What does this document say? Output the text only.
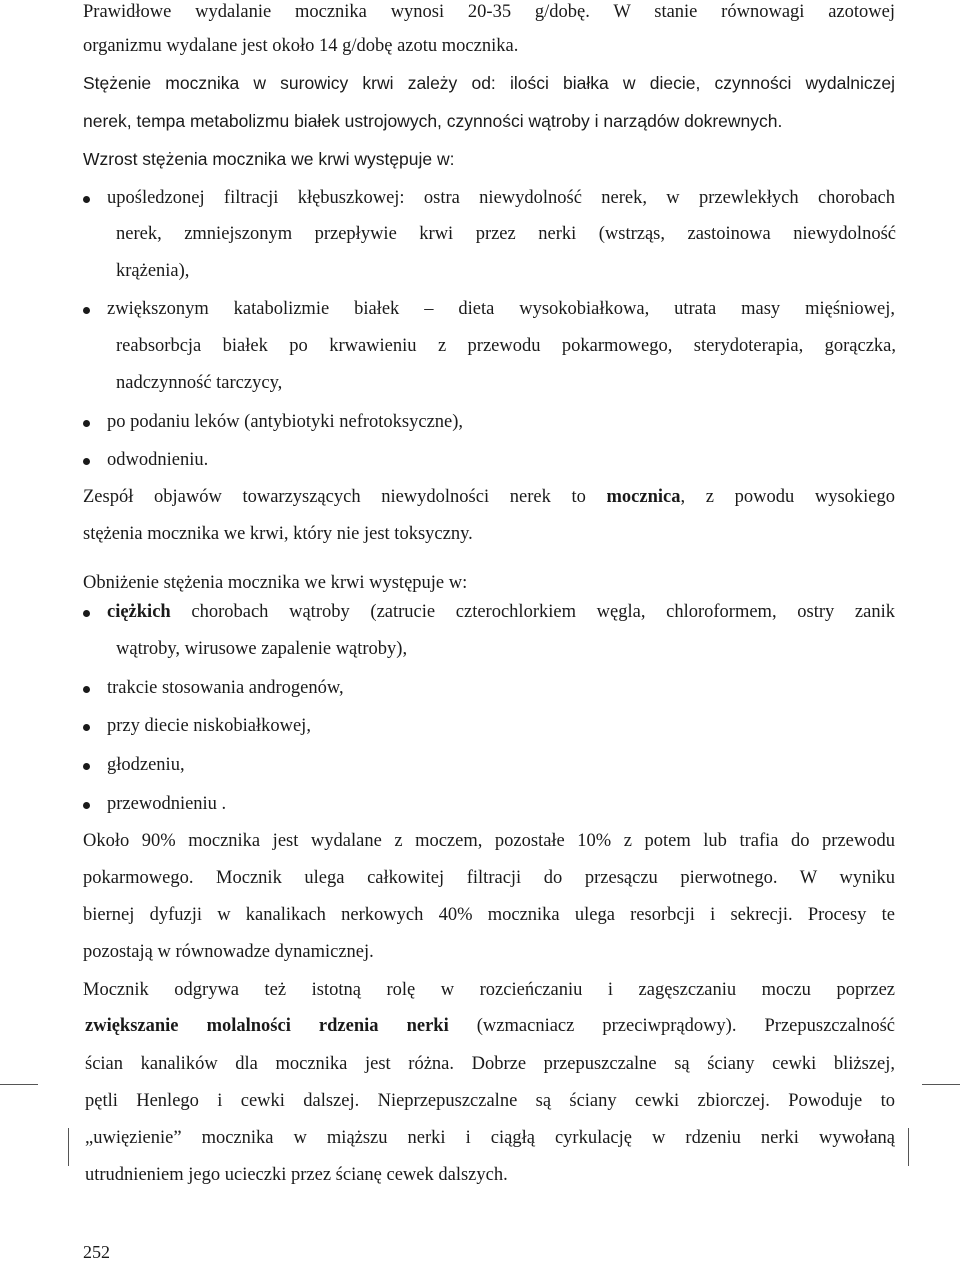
Prawidłowe wydalanie mocznika wynosi 20-35 g/dobę. W stanie równowagi azotowej

organizmu wydalane jest około 14 g/dobę azotu mocznika.

Stężenie mocznika w surowicy krwi zależy od: ilości białka w diecie, czynności wydalniczej

nerek, tempa metabolizmu białek ustrojowych, czynności wątroby i narządów dokrewnych.

Wzrost stężenia mocznika we krwi występuje w:

upośledzonej filtracji kłębuszkowej: ostra niewydolność nerek, w przewlekłych chorobach

nerek, zmniejszonym przepływie krwi przez nerki (wstrząs, zastoinowa niewydolność

krążenia),

zwiększonym katabolizmie białek – dieta wysokobiałkowa, utrata masy mięśniowej,

reabsorbcja białek po krwawieniu z przewodu pokarmowego, sterydoterapia, gorączka,

nadczynność tarczycy,

po podaniu leków (antybiotyki nefrotoksyczne),

odwodnieniu.

Zespół objawów towarzyszących niewydolności nerek to mocznica, z powodu wysokiego

stężenia mocznika we krwi, który nie jest toksyczny.

Obniżenie stężenia mocznika we krwi występuje w:

ciężkich chorobach wątroby (zatrucie czterochlorkiem węgla, chloroformem, ostry zanik

wątroby, wirusowe zapalenie wątroby),

trakcie stosowania androgenów,

przy diecie niskobiałkowej,

głodzeniu,

przewodnieniu .

Około 90% mocznika jest wydalane z moczem, pozostałe 10% z potem lub trafia do przewodu

pokarmowego. Mocznik ulega całkowitej filtracji do przesączu pierwotnego. W wyniku

biernej dyfuzji w kanalikach nerkowych 40% mocznika ulega resorbcji i sekrecji. Procesy te

pozostają w równowadze dynamicznej.

Mocznik odgrywa też istotną rolę w rozcieńczaniu i zagęszczaniu moczu poprzez

zwiększanie molalności rdzenia nerki (wzmacniacz przeciwprądowy). Przepuszczalność

ścian kanalików dla mocznika jest różna. Dobrze przepuszczalne są ściany cewki bliższej,

pętli Henlego i cewki dalszej. Nieprzepuszczalne są ściany cewki zbiorczej. Powoduje to

„uwięzienie” mocznika w miąższu nerki i ciągłą cyrkulację w rdzeniu nerki wywołaną

utrudnieniem jego ucieczki przez ścianę cewek dalszych.

252
